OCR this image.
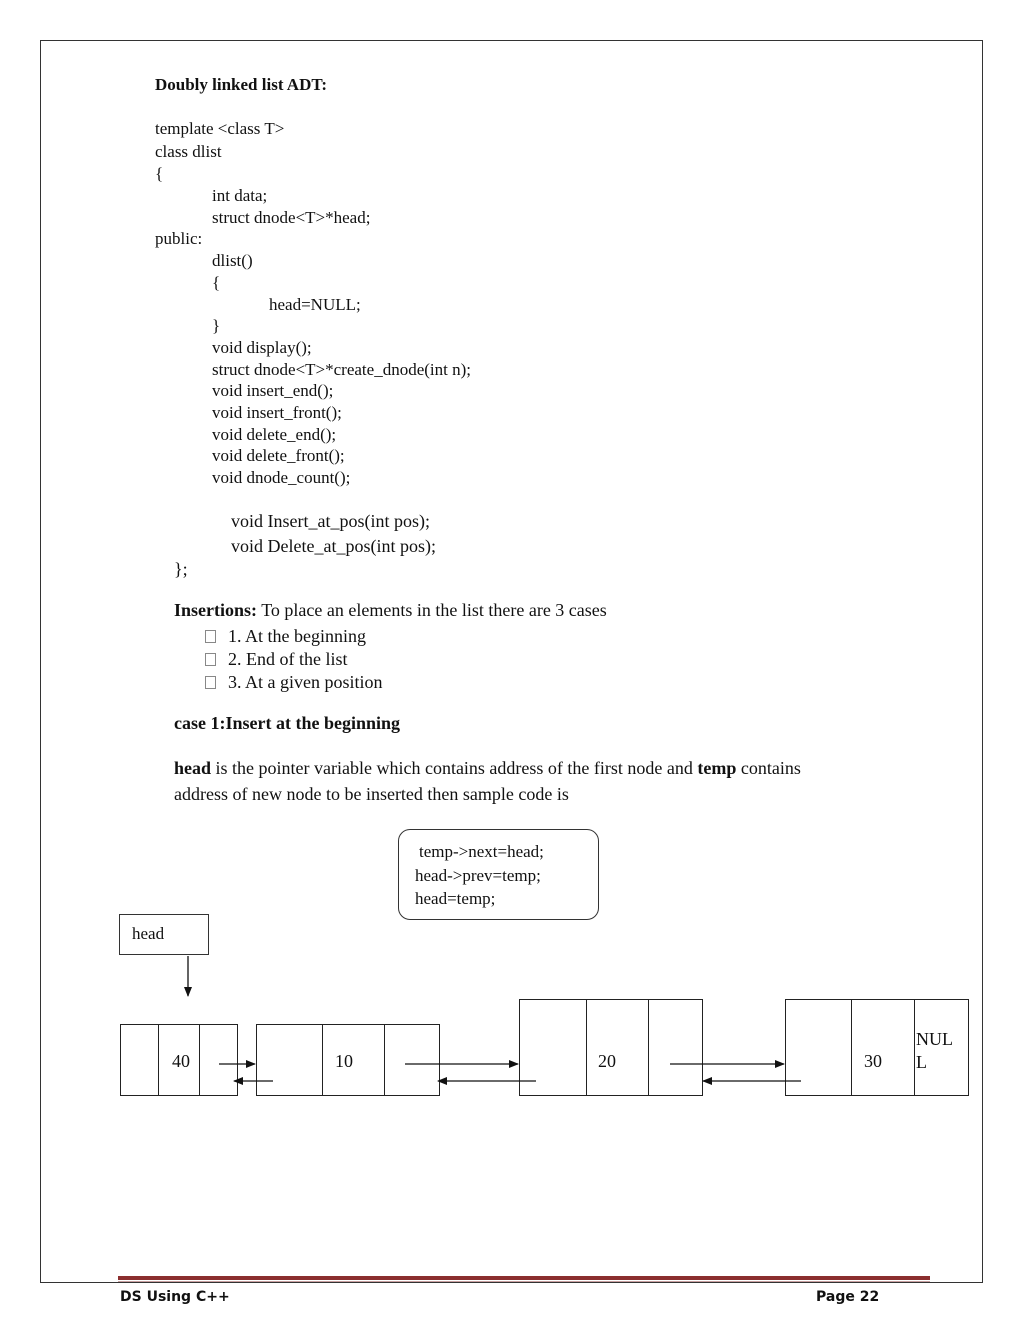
Doubly linked list ADT:
template <class T>
class dlist
{
int data;
struct dnode<T>*head;
public:
dlist()
{
head=NULL;
}
void display();
struct dnode<T>*create_dnode(int n);
void insert_end();
void insert_front();
void delete_end();
void delete_front();
void dnode_count();
void Insert_at_pos(int pos);
void Delete_at_pos(int pos);
};
Insertions: To place an elements in the list there are 3 cases
1. At the beginning
2. End of the list
3. At a given position
case 1:Insert at the beginning
head is the pointer variable which contains address of the first node and temp contains
address of new node to be inserted then sample code is
temp->next=head;
head->prev=temp;
head=temp;
head
40	10	20	30
NUL
L
DS Using C++	Page 22
